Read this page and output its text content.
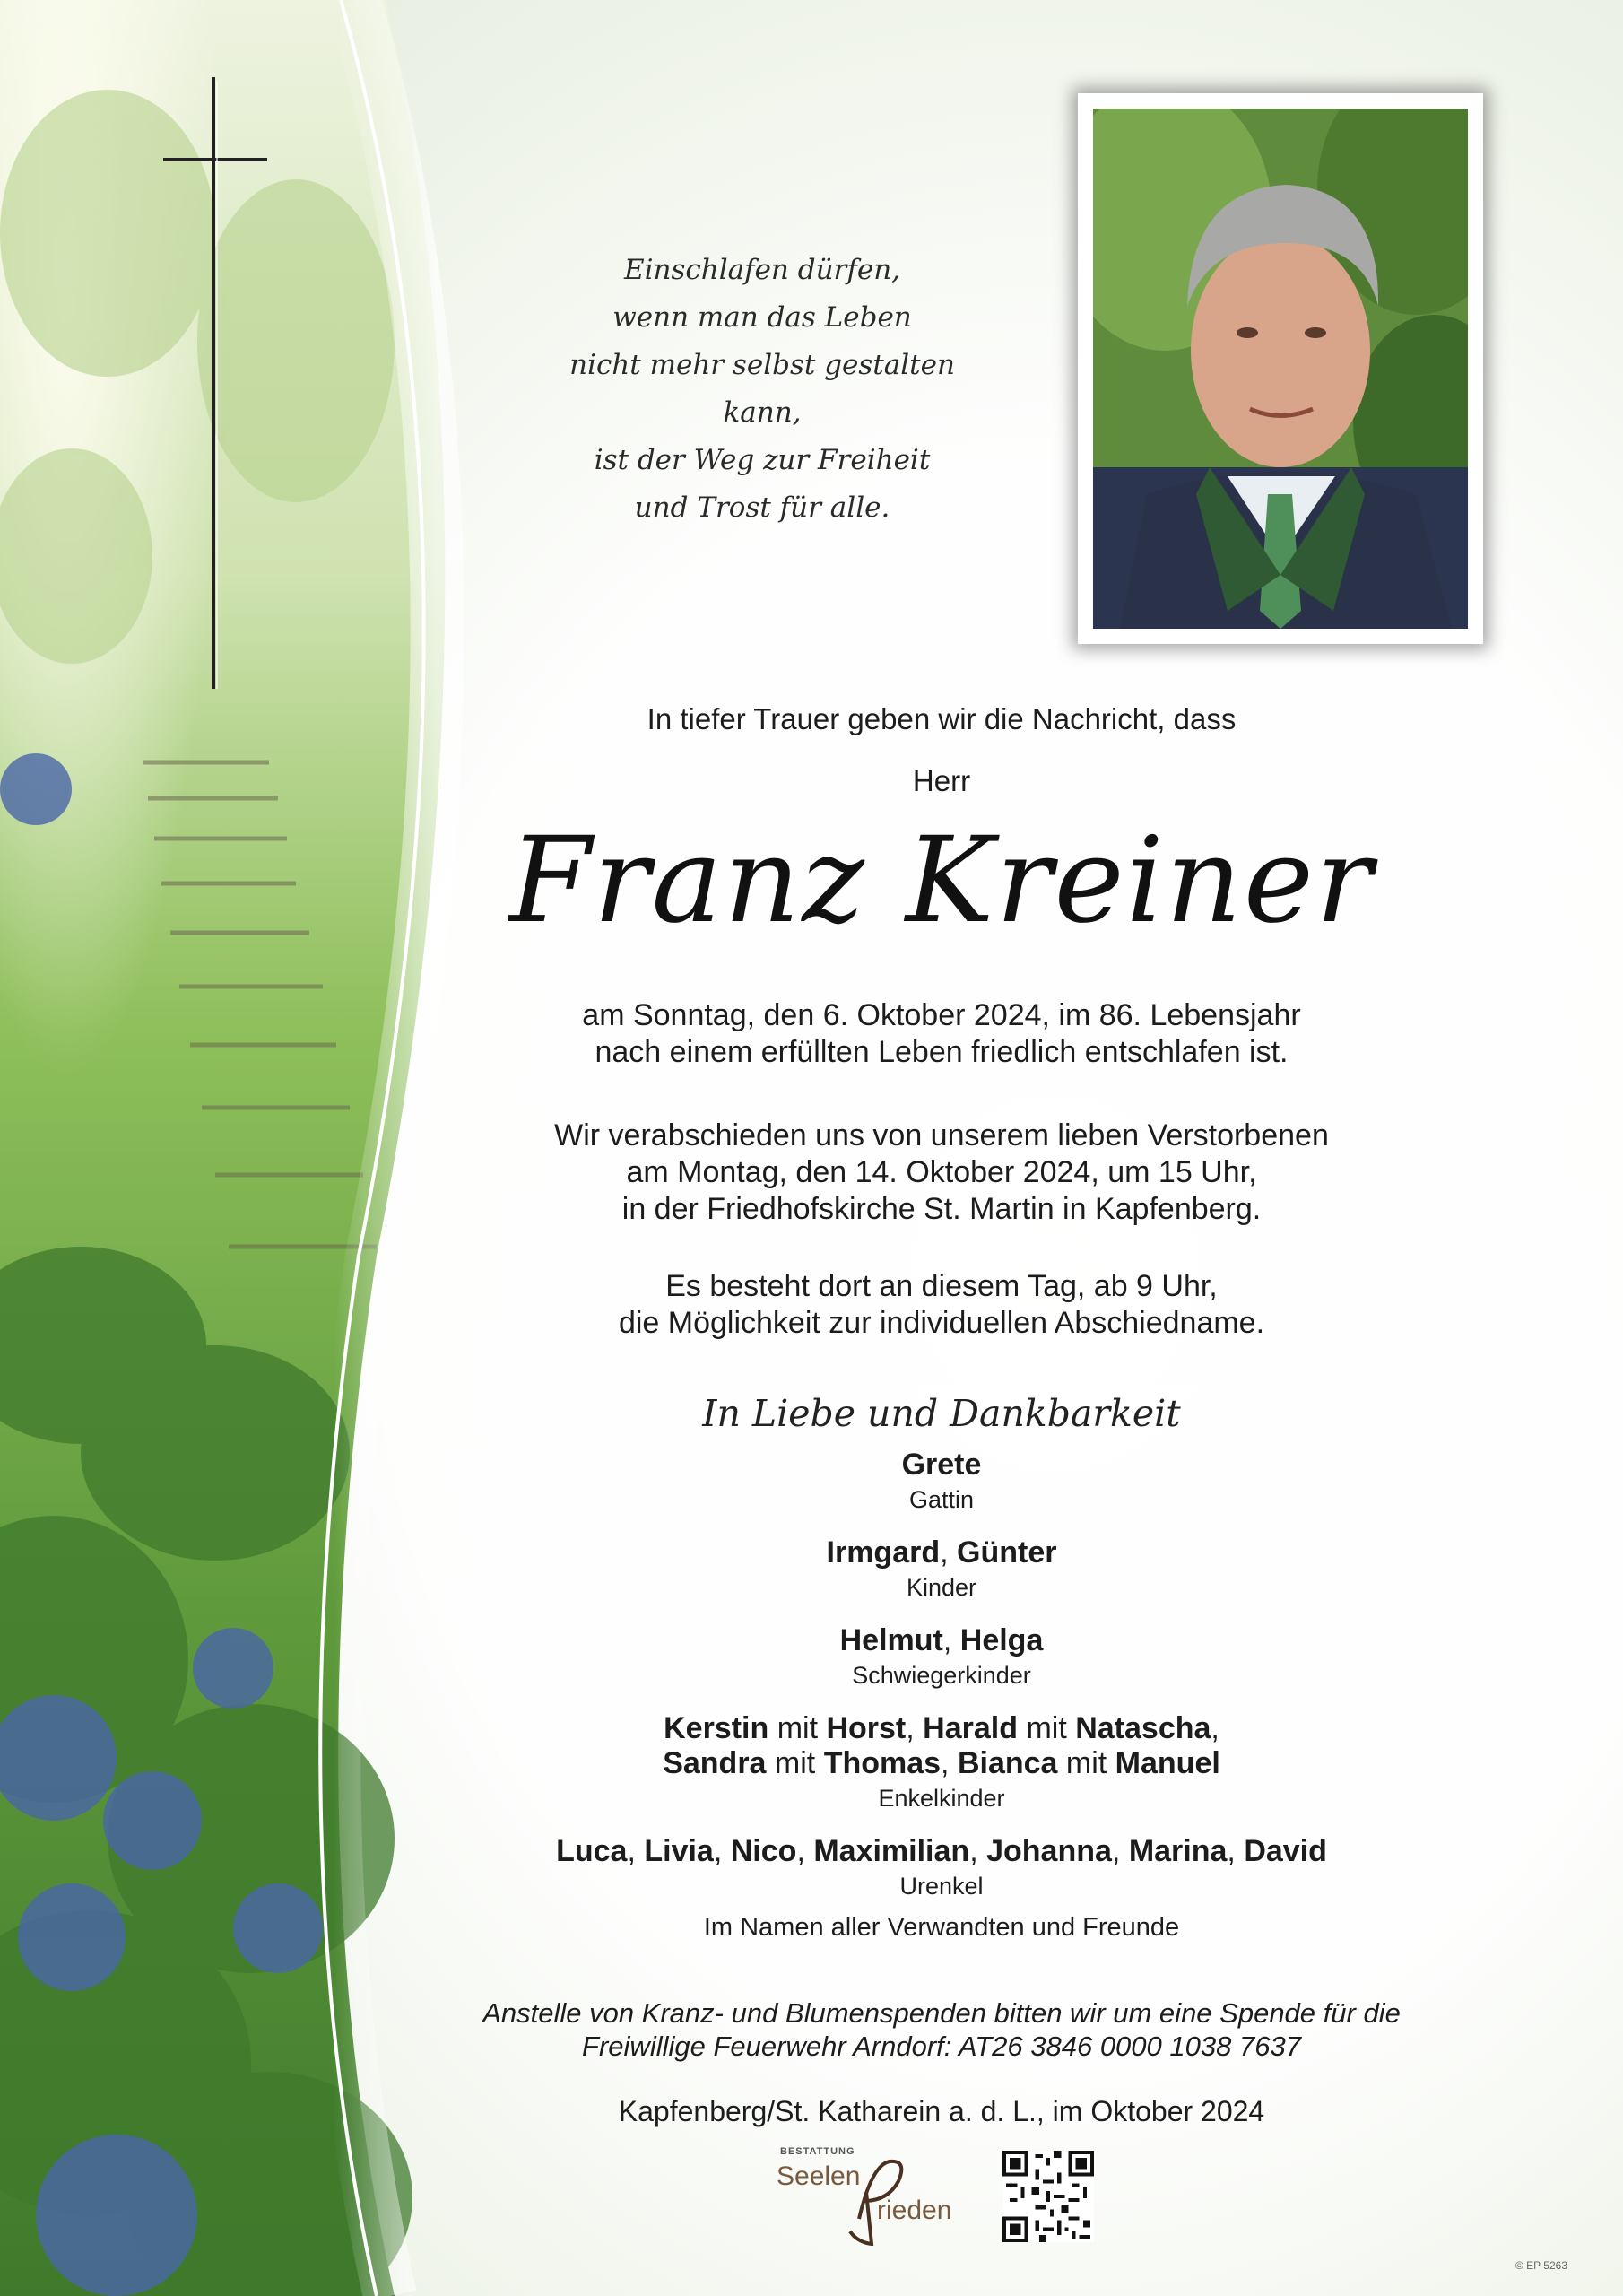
Einschlafen dürfen,
wenn man das Leben
nicht mehr selbst gestalten kann,
ist der Weg zur Freiheit
und Trost für alle.
In tiefer Trauer geben wir die Nachricht, dass
Herr
Franz Kreiner
am Sonntag, den 6. Oktober 2024, im 86. Lebensjahr
nach einem erfüllten Leben friedlich entschlafen ist.
Wir verabschieden uns von unserem lieben Verstorbenen
am Montag, den 14. Oktober 2024, um 15 Uhr,
in der Friedhofskirche St. Martin in Kapfenberg.
Es besteht dort an diesem Tag, ab 9 Uhr,
die Möglichkeit zur individuellen Abschiedname.
In Liebe und Dankbarkeit
Grete
Gattin
Irmgard, Günter
Kinder
Helmut, Helga
Schwiegerkinder
Kerstin mit Horst, Harald mit Natascha,
Sandra mit Thomas, Bianca mit Manuel
Enkelkinder
Luca, Livia, Nico, Maximilian, Johanna, Marina, David
Urenkel
Im Namen aller Verwandten und Freunde
Anstelle von Kranz- und Blumenspenden bitten wir um eine Spende für die
Freiwillige Feuerwehr Arndorf: AT26 3846 0000 1038 7637
Kapfenberg/St. Katharein a. d. L., im Oktober 2024
BESTATTUNG
Seelen
rieden
© EP 5263
